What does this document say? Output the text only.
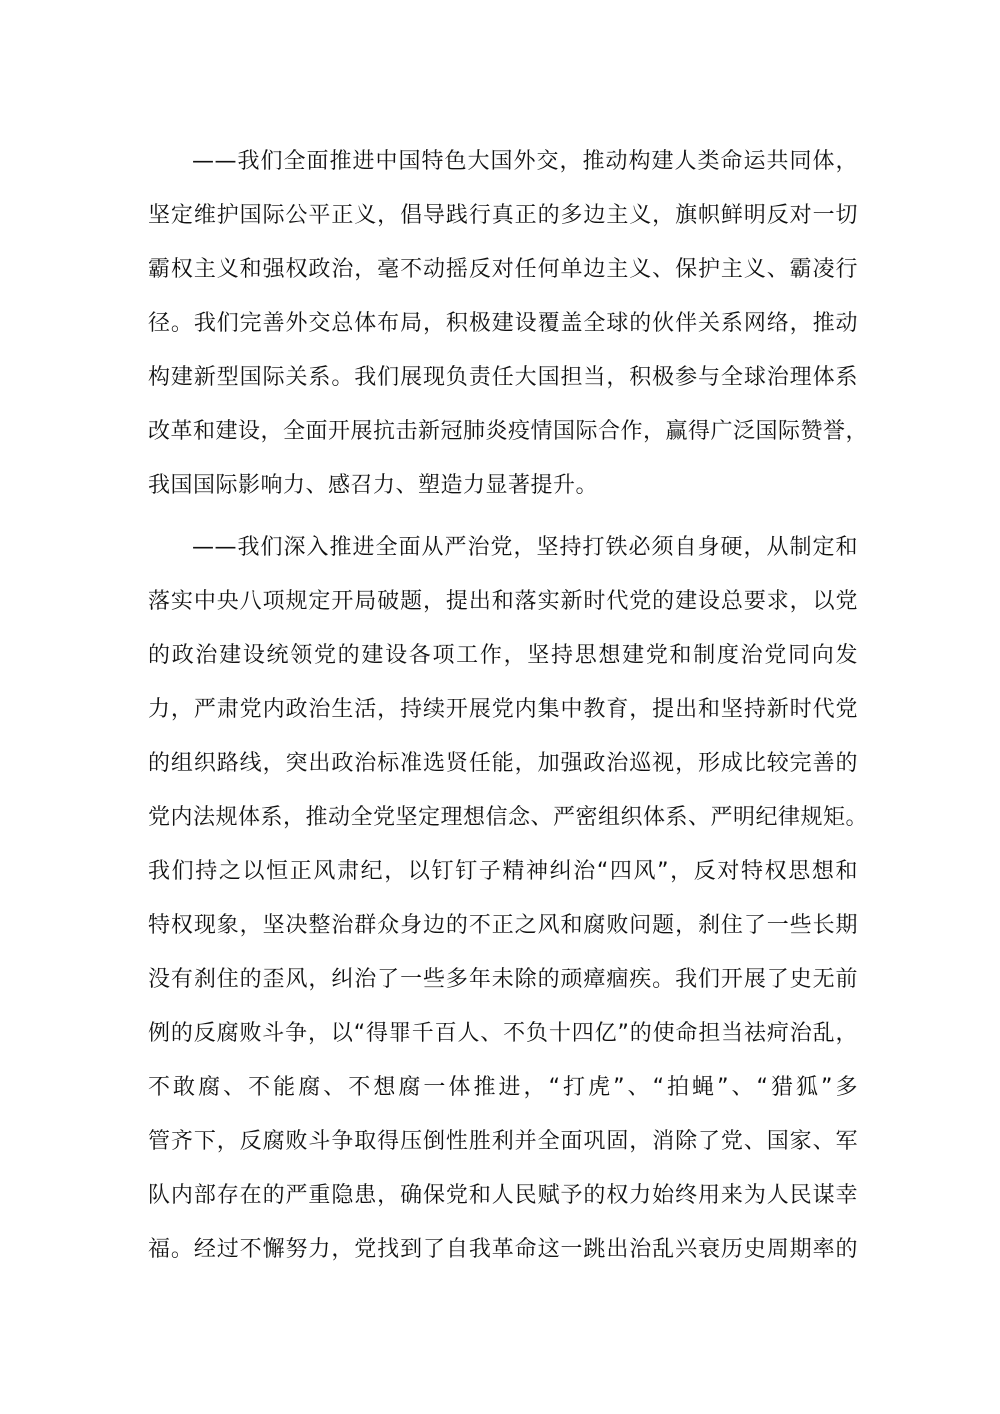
——我们全面推进中国特色大国外交，推动构建人类命运共同体，
坚定维护国际公平正义，倡导践行真正的多边主义，旗帜鲜明反对一切
霸权主义和强权政治，毫不动摇反对任何单边主义、保护主义、霸凌行
径。我们完善外交总体布局，积极建设覆盖全球的伙伴关系网络，推动
构建新型国际关系。我们展现负责任大国担当，积极参与全球治理体系
改革和建设，全面开展抗击新冠肺炎疫情国际合作，赢得广泛国际赞誉，
我国国际影响力、感召力、塑造力显著提升。
——我们深入推进全面从严治党，坚持打铁必须自身硬，从制定和
落实中央八项规定开局破题，提出和落实新时代党的建设总要求，以党
的政治建设统领党的建设各项工作，坚持思想建党和制度治党同向发
力，严肃党内政治生活，持续开展党内集中教育，提出和坚持新时代党
的组织路线，突出政治标准选贤任能，加强政治巡视，形成比较完善的
党内法规体系，推动全党坚定理想信念、严密组织体系、严明纪律规矩。
我们持之以恒正风肃纪，以钉钉子精神纠治“四风”，反对特权思想和
特权现象，坚决整治群众身边的不正之风和腐败问题，刹住了一些长期
没有刹住的歪风，纠治了一些多年未除的顽瘴痼疾。我们开展了史无前
例的反腐败斗争，以“得罪千百人、不负十四亿”的使命担当祛疴治乱，
不敢腐、不能腐、不想腐一体推进，“打虎”、“拍蝇”、“猎狐”多
管齐下，反腐败斗争取得压倒性胜利并全面巩固，消除了党、国家、军
队内部存在的严重隐患，确保党和人民赋予的权力始终用来为人民谋幸
福。经过不懈努力，党找到了自我革命这一跳出治乱兴衰历史周期率的
